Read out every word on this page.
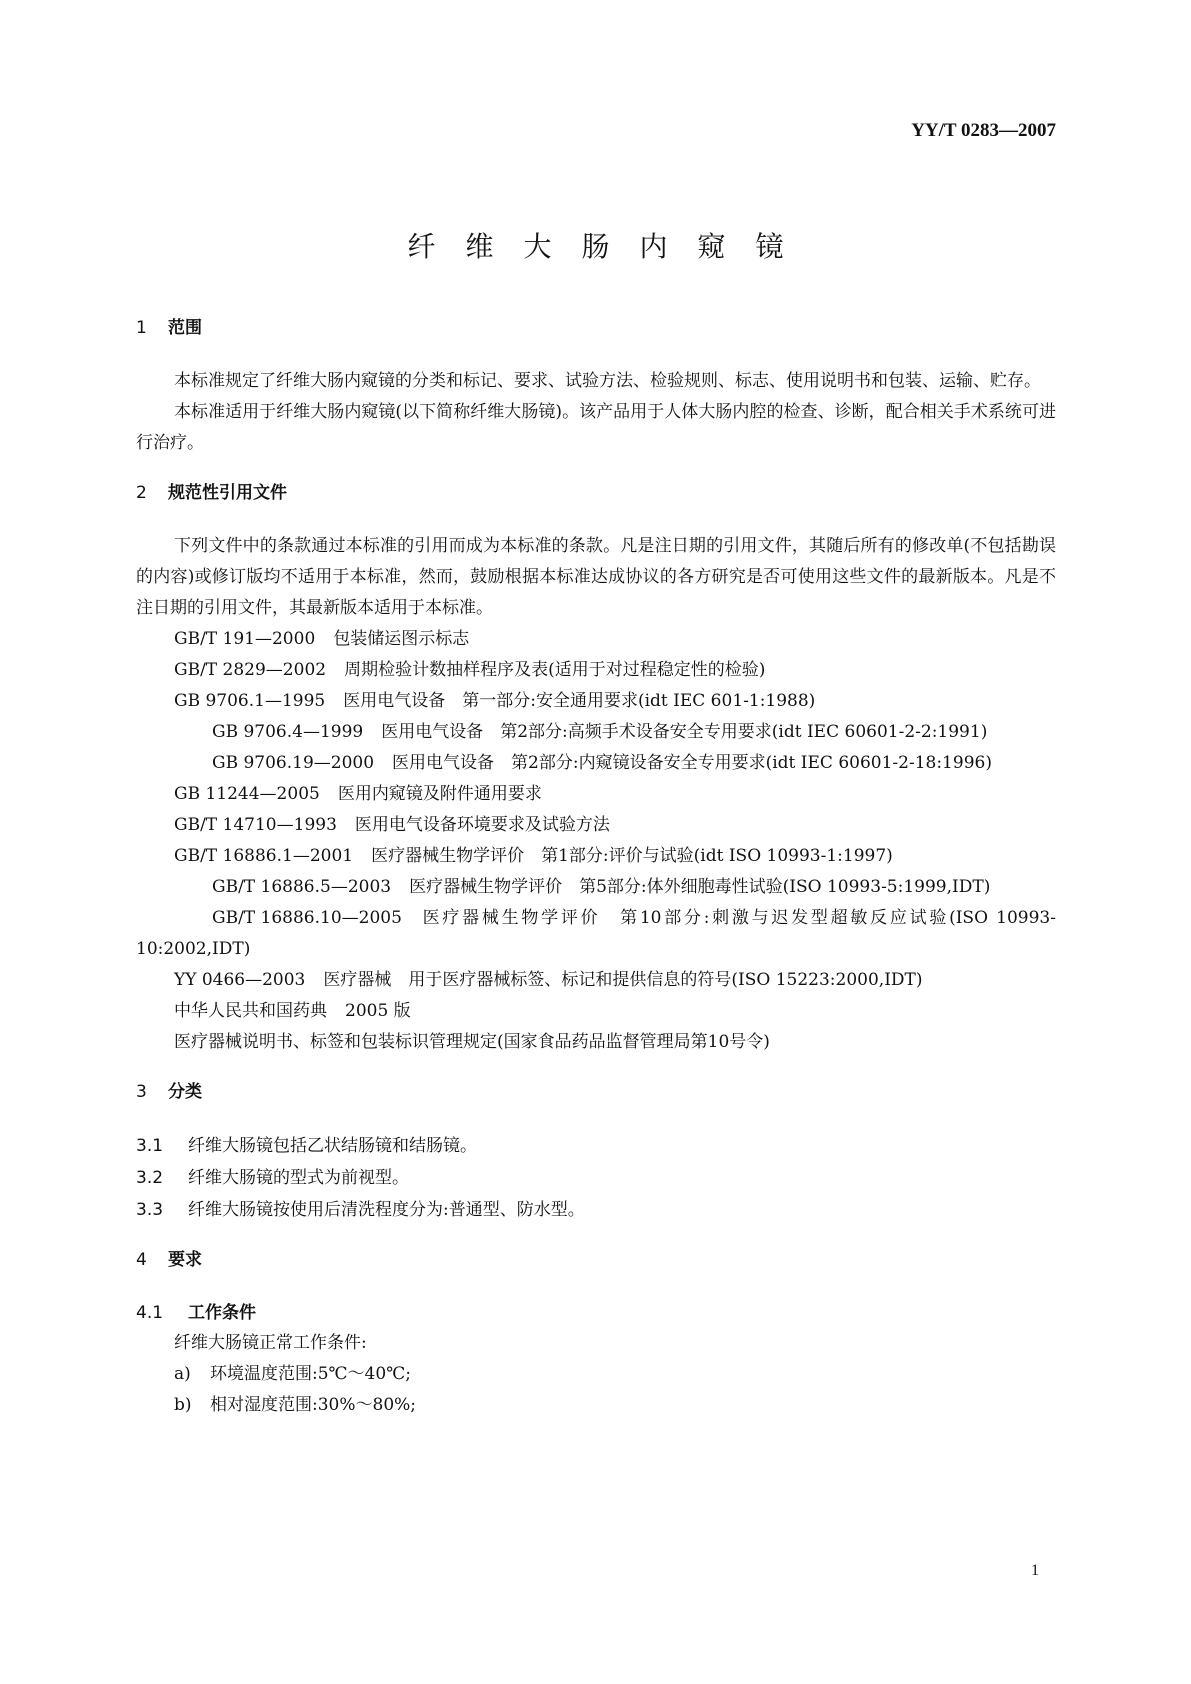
YY/T 0283—2007
纤维大肠内窥镜
1 范围

本标准规定了纤维大肠内窥镜的分类和标记、要求、试验方法、检验规则、标志、使用说明书和包装、运输、贮存。

本标准适用于纤维大肠内窥镜(以下简称纤维大肠镜)。该产品用于人体大肠内腔的检查、诊断，配合相关手术系统可进行治疗。

2 规范性引用文件

下列文件中的条款通过本标准的引用而成为本标准的条款。凡是注日期的引用文件，其随后所有的修改单(不包括勘误的内容)或修订版均不适用于本标准，然而，鼓励根据本标准达成协议的各方研究是否可使用这些文件的最新版本。凡是不注日期的引用文件，其最新版本适用于本标准。

GB/T 191—2000 包装储运图示标志

GB/T 2829—2002 周期检验计数抽样程序及表(适用于对过程稳定性的检验)

GB 9706.1—1995 医用电气设备　第一部分:安全通用要求(idt IEC 601-1:1988)

GB 9706.4—1999 医用电气设备　第2部分:高频手术设备安全专用要求(idt IEC 60601-2-2:1991)

GB 9706.19—2000 医用电气设备　第2部分:内窥镜设备安全专用要求(idt IEC 60601-2-18:1996)

GB 11244—2005 医用内窥镜及附件通用要求

GB/T 14710—1993 医用电气设备环境要求及试验方法

GB/T 16886.1—2001 医疗器械生物学评价　第1部分:评价与试验(idt ISO 10993-1:1997)

GB/T 16886.5—2003 医疗器械生物学评价　第5部分:体外细胞毒性试验(ISO 10993-5:1999,IDT)

GB/T 16886.10—2005 医疗器械生物学评价　第10部分:刺激与迟发型超敏反应试验(ISO 10993-10:2002,IDT)

YY 0466—2003 医疗器械　用于医疗器械标签、标记和提供信息的符号(ISO 15223:2000,IDT)

中华人民共和国药典 2005 版

医疗器械说明书、标签和包装标识管理规定(国家食品药品监督管理局第10号令)

3 分类

3.1 纤维大肠镜包括乙状结肠镜和结肠镜。

3.2 纤维大肠镜的型式为前视型。

3.3 纤维大肠镜按使用后清洗程度分为:普通型、防水型。

4 要求
4.1 工作条件

纤维大肠镜正常工作条件:

a) 环境温度范围:5℃～40℃;

b) 相对湿度范围:30%～80%;

1
